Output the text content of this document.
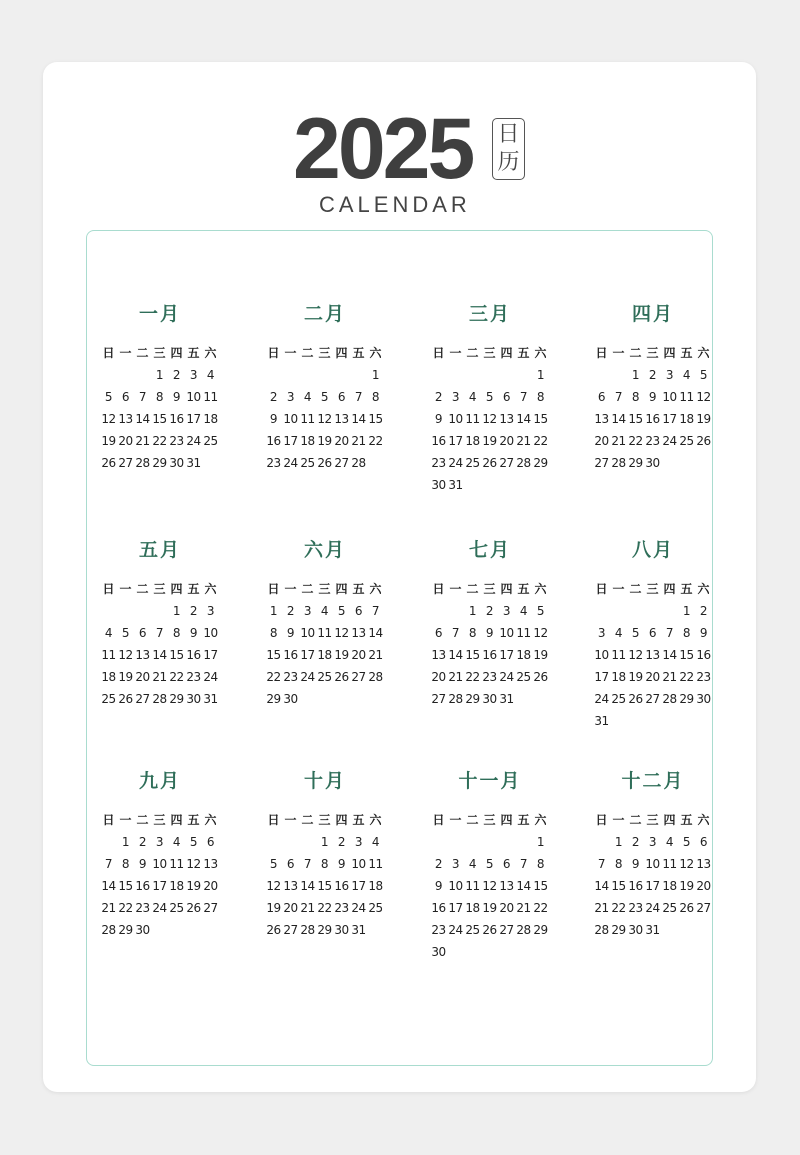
2025 日
历
CALENDAR
一月
日 一 二 三 四 五 六
1 2 3 4
5 6 7 8 9 10 11
12 13 14 15 16 17 18
19 20 21 22 23 24 25
26 27 28 29 30 31
二月
日 一 二 三 四 五 六
1
2 3 4 5 6 7 8
9 10 11 12 13 14 15
16 17 18 19 20 21 22
23 24 25 26 27 28
三月
日 一 二 三 四 五 六
1
2 3 4 5 6 7 8
9 10 11 12 13 14 15
16 17 18 19 20 21 22
23 24 25 26 27 28 29
30 31
四月
日 一 二 三 四 五 六
1 2 3 4 5
6 7 8 9 10 11 12
13 14 15 16 17 18 19
20 21 22 23 24 25 26
27 28 29 30
五月
日 一 二 三 四 五 六
1 2 3
4 5 6 7 8 9 10
11 12 13 14 15 16 17
18 19 20 21 22 23 24
25 26 27 28 29 30 31
六月
日 一 二 三 四 五 六
1 2 3 4 5 6 7
8 9 10 11 12 13 14
15 16 17 18 19 20 21
22 23 24 25 26 27 28
29 30
七月
日 一 二 三 四 五 六
1 2 3 4 5
6 7 8 9 10 11 12
13 14 15 16 17 18 19
20 21 22 23 24 25 26
27 28 29 30 31
八月
日 一 二 三 四 五 六
1 2
3 4 5 6 7 8 9
10 11 12 13 14 15 16
17 18 19 20 21 22 23
24 25 26 27 28 29 30
31
九月
日 一 二 三 四 五 六
1 2 3 4 5 6
7 8 9 10 11 12 13
14 15 16 17 18 19 20
21 22 23 24 25 26 27
28 29 30
十月
日 一 二 三 四 五 六
1 2 3 4
5 6 7 8 9 10 11
12 13 14 15 16 17 18
19 20 21 22 23 24 25
26 27 28 29 30 31
十一月
日 一 二 三 四 五 六
1
2 3 4 5 6 7 8
9 10 11 12 13 14 15
16 17 18 19 20 21 22
23 24 25 26 27 28 29
30
十二月
日 一 二 三 四 五 六
1 2 3 4 5 6
7 8 9 10 11 12 13
14 15 16 17 18 19 20
21 22 23 24 25 26 27
28 29 30 31
